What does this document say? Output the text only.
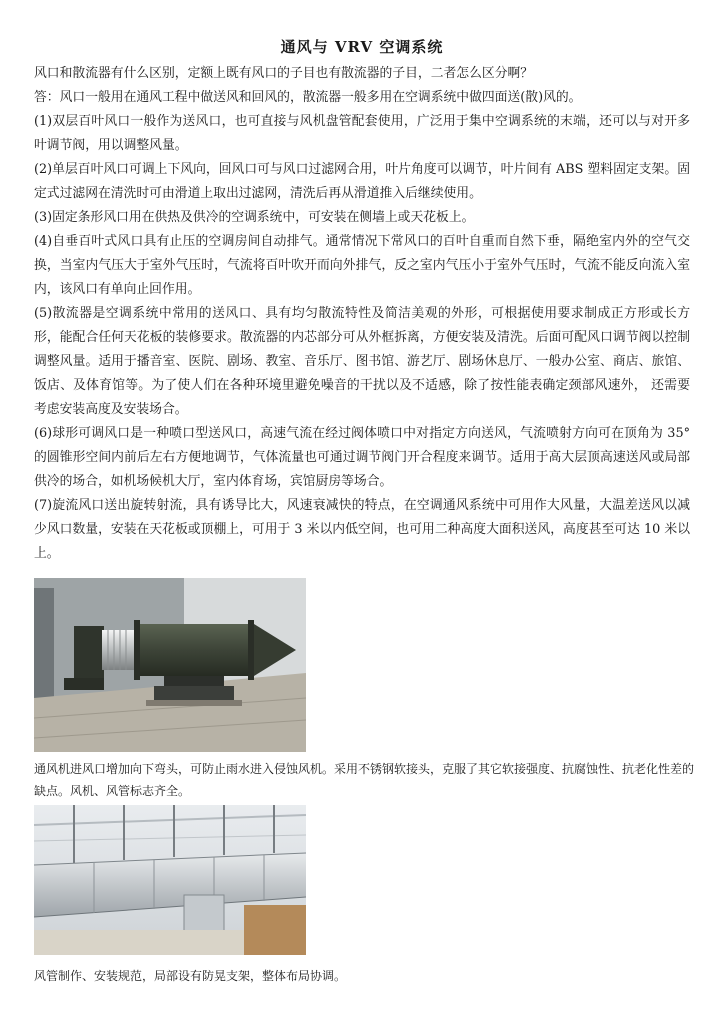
通风与 VRV 空调系统

风口和散流器有什么区别，定额上既有风口的子目也有散流器的子目，二者怎么区分啊？

答：风口一般用在通风工程中做送风和回风的，散流器一般多用在空调系统中做四面送(散)风的。

(1)双层百叶风口一般作为送风口，也可直接与风机盘管配套使用，广泛用于集中空调系统的末端，还可以与对开多叶调节阀，用以调整风量。

(2)单层百叶风口可调上下风向，回风口可与风口过滤网合用，叶片角度可以调节，叶片间有 ABS 塑料固定支架。固定式过滤网在清洗时可由滑道上取出过滤网，清洗后再从滑道推入后继续使用。

(3)固定条形风口用在供热及供冷的空调系统中，可安装在侧墙上或天花板上。

(4)自垂百叶式风口具有止压的空调房间自动排气。通常情况下常风口的百叶自重而自然下垂，隔绝室内外的空气交换，当室内气压大于室外气压时，气流将百叶吹开而向外排气，反之室内气压小于室外气压时，气流不能反向流入室内，该风口有单向止回作用。

(5)散流器是空调系统中常用的送风口、具有均匀散流特性及简洁美观的外形，可根据使用要求制成正方形或长方形，能配合任何天花板的装修要求。散流器的内芯部分可从外框拆离，方便安装及清洗。后面可配风口调节阀以控制调整风量。适用于播音室、医院、剧场、教室、音乐厅、图书馆、游艺厅、剧场休息厅、一般办公室、商店、旅馆、饭店、及体育馆等。为了使人们在各种环境里避免噪音的干扰以及不适感，除了按性能表确定颈部风速外， 还需要考虑安装高度及安装场合。

(6)球形可调风口是一种喷口型送风口，高速气流在经过阀体喷口中对指定方向送风，气流喷射方向可在顶角为 35° 的圆锥形空间内前后左右方便地调节，气体流量也可通过调节阀门开合程度来调节。适用于高大层顶高速送风或局部供冷的场合，如机场候机大厅，室内体育场，宾馆厨房等场合。

(7)旋流风口送出旋转射流，具有诱导比大，风速衰减快的特点，在空调通风系统中可用作大风量，大温差送风以减少风口数量，安装在天花板或顶棚上，可用于 3 米以内低空间，也可用二种高度大面积送风，高度甚至可达 10 米以上。

通风机进风口增加向下弯头，可防止雨水进入侵蚀风机。采用不锈钢软接头，克服了其它软接强度、抗腐蚀性、抗老化性差的缺点。风机、风管标志齐全。
风管制作、安装规范，局部设有防晃支架，整体布局协调。
